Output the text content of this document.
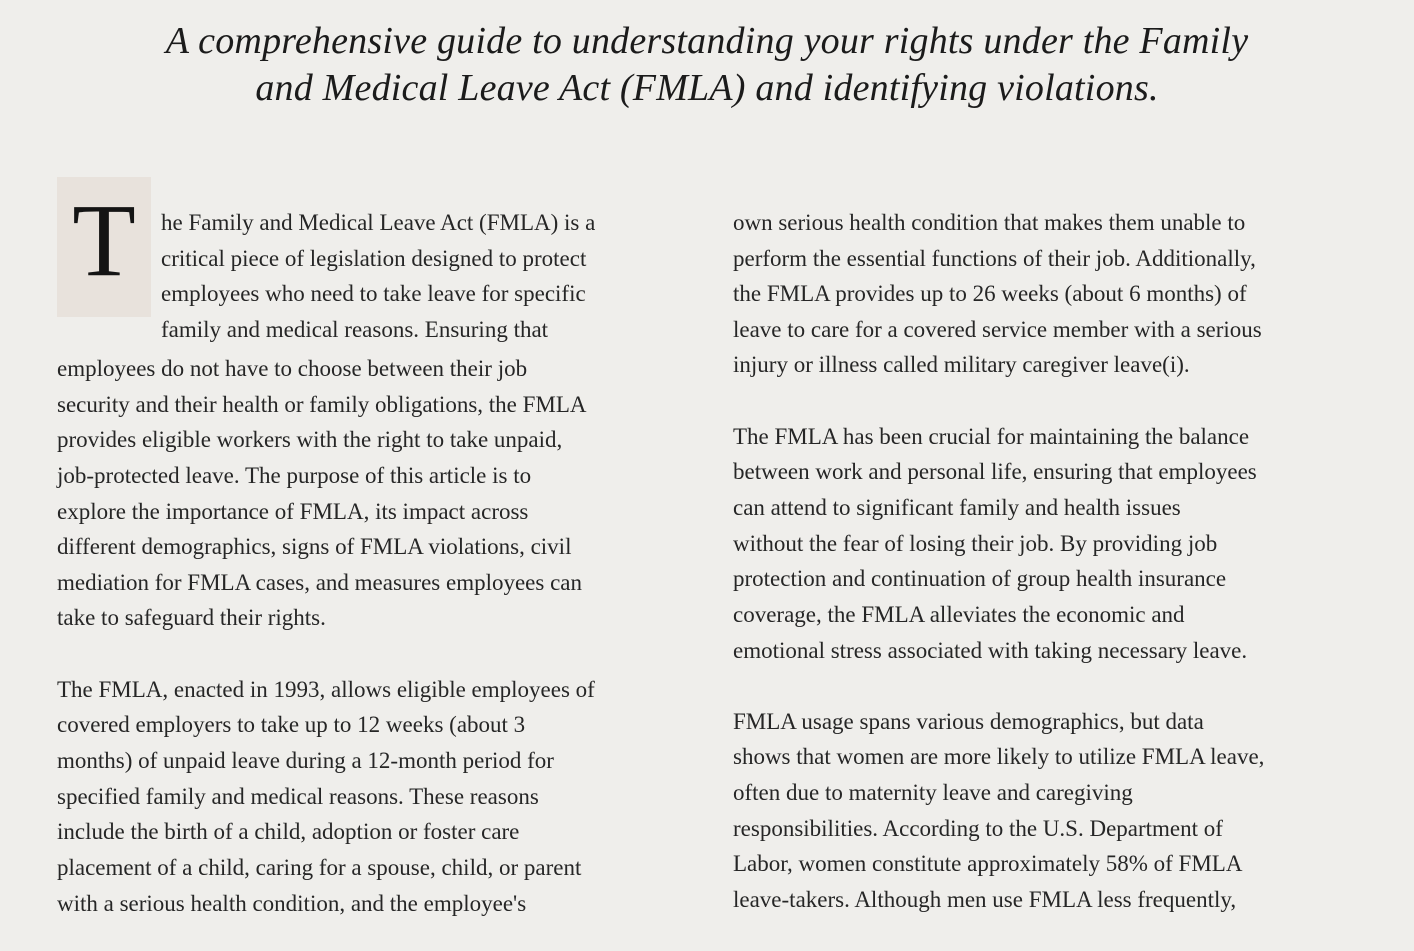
A comprehensive guide to understanding your rights under the Family
and Medical Leave Act (FMLA) and identifying violations.
T	he Family and Medical Leave Act (FMLA) is a
critical piece of legislation designed to protect
employees who need to take leave for specific
family and medical reasons. Ensuring that
employees do not have to choose between their job
security and their health or family obligations, the FMLA
provides eligible workers with the right to take unpaid,
job-protected leave. The purpose of this article is to
explore the importance of FMLA, its impact across
different demographics, signs of FMLA violations, civil
mediation for FMLA cases, and measures employees can
take to safeguard their rights.
The FMLA, enacted in 1993, allows eligible employees of
covered employers to take up to 12 weeks (about 3
months) of unpaid leave during a 12-month period for
specified family and medical reasons. These reasons
include the birth of a child, adoption or foster care
placement of a child, caring for a spouse, child, or parent
with a serious health condition, and the employee's
own serious health condition that makes them unable to
perform the essential functions of their job. Additionally,
the FMLA provides up to 26 weeks (about 6 months) of
leave to care for a covered service member with a serious
injury or illness called military caregiver leave(i).
The FMLA has been crucial for maintaining the balance
between work and personal life, ensuring that employees
can attend to significant family and health issues
without the fear of losing their job. By providing job
protection and continuation of group health insurance
coverage, the FMLA alleviates the economic and
emotional stress associated with taking necessary leave.
FMLA usage spans various demographics, but data
shows that women are more likely to utilize FMLA leave,
often due to maternity leave and caregiving
responsibilities. According to the U.S. Department of
Labor, women constitute approximately 58% of FMLA
leave-takers. Although men use FMLA less frequently,
